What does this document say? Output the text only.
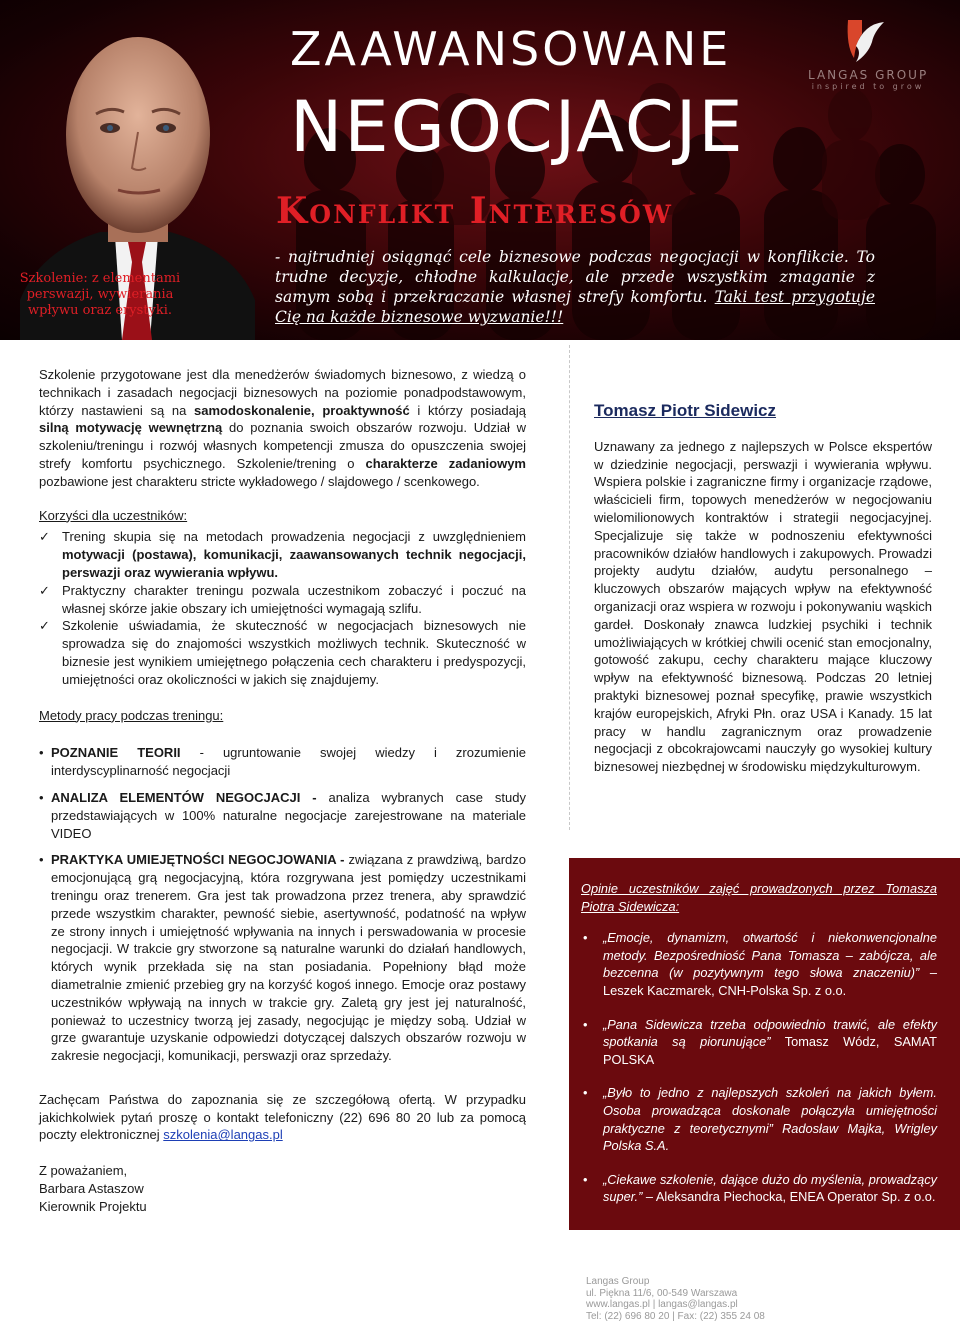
ZAAWANSOWANE
NEGOCJACJE
Konflikt Interesów

- najtrudniej osiągnąć cele biznesowe podczas negocjacji w konflikcie. To trudne decyzje, chłodne kalkulacje, ale przede wszystkim zmaganie z samym sobą i przekraczanie własnej strefy komfortu. Taki test przygotuje Cię na każde biznesowe wyzwanie!!!

Szkolenie: z elementami perswazji, wywierania wpływu oraz erystyki.

LANGAS GROUP
inspired to grow

Szkolenie przygotowane jest dla menedżerów świadomych biznesowo, z wiedzą o technikach i zasadach negocjacji biznesowych na poziomie ponadpodstawowym, którzy nastawieni są na samodoskonalenie, proaktywność i którzy posiadają silną motywację wewnętrzną do poznania swoich obszarów rozwoju. Udział w szkoleniu/treningu i rozwój własnych kompetencji zmusza do opuszczenia swojej strefy komfortu psychicznego. Szkolenie/trening o charakterze zadaniowym pozbawione jest charakteru stricte wykładowego / slajdowego / scenkowego.

Korzyści dla uczestników:

✓ Trening skupia się na metodach prowadzenia negocjacji z uwzględnieniem motywacji (postawa), komunikacji, zaawansowanych technik negocjacji, perswazji oraz wywierania wpływu.
✓ Praktyczny charakter treningu pozwala uczestnikom zobaczyć i poczuć na własnej skórze jakie obszary ich umiejętności wymagają szlifu.
✓ Szkolenie uświadamia, że skuteczność w negocjacjach biznesowych nie sprowadza się do znajomości wszystkich możliwych technik. Skuteczność w biznesie jest wynikiem umiejętnego połączenia cech charakteru i predyspozycji, umiejętności oraz okoliczności w jakich się znajdujemy.

Metody pracy podczas treningu:

• POZNANIE TEORII - ugruntowanie swojej wiedzy i zrozumienie interdyscyplinarność negocjacji
• ANALIZA ELEMENTÓW NEGOCJACJI - analiza wybranych case study przedstawiających w 100% naturalne negocjacje zarejestrowane na materiale VIDEO
• PRAKTYKA UMIEJĘTNOŚCI NEGOCJOWANIA - związana z prawdziwą, bardzo emocjonującą grą negocjacyjną, która rozgrywana jest pomiędzy uczestnikami treningu oraz trenerem. Gra jest tak prowadzona przez trenera, aby sprawdzić przede wszystkim charakter, pewność siebie, asertywność, podatność na wpływ ze strony innych i umiejętność wpływania na innych i perswadowania w procesie negocjacji. W trakcie gry stworzone są naturalne warunki do działań handlowych, których wynik przekłada się na stan posiadania. Popełniony błąd może diametralnie zmienić przebieg gry na korzyść kogoś innego. Emocje oraz postawy uczestników wpływają na innych w trakcie gry. Zaletą gry jest jej naturalność, ponieważ to uczestnicy tworzą jej zasady, negocjując je między sobą. Udział w grze gwarantuje uzyskanie odpowiedzi dotyczącej dalszych obszarów rozwoju w zakresie negocjacji, komunikacji, perswazji oraz sprzedaży.

Zachęcam Państwa do zapoznania się ze szczegółową ofertą. W przypadku jakichkolwiek pytań proszę o kontakt telefoniczny (22) 696 80 20 lub za pomocą poczty elektronicznej szkolenia@langas.pl

Z poważaniem,
Barbara Astaszow
Kierownik Projektu

Tomasz Piotr Sidewicz

Uznawany za jednego z najlepszych w Polsce ekspertów w dziedzinie negocjacji, perswazji i wywierania wpływu. Wspiera polskie i zagraniczne firmy i organizacje rządowe, właścicieli firm, topowych menedżerów w negocjowaniu wielomilionowych kontraktów i strategii negocjacyjnej. Specjalizuje się także w podnoszeniu efektywności pracowników działów handlowych i zakupowych. Prowadzi projekty audytu działów, audytu personalnego – kluczowych obszarów mających wpływ na efektywność organizacji oraz wspiera w rozwoju i pokonywaniu wąskich gardeł. Doskonały znawca ludzkiej psychiki i technik umożliwiających w krótkiej chwili ocenić stan emocjonalny, gotowość zakupu, cechy charakteru mające kluczowy wpływ na efektywność biznesową. Podczas 20 letniej praktyki biznesowej poznał specyfikę, prawie wszystkich krajów europejskich, Afryki Płn. oraz USA i Kanady. 15 lat pracy w handlu zagranicznym oraz prowadzenie negocjacji z obcokrajowcami nauczyły go wysokiej kultury biznesowej niezbędnej w środowisku międzykulturowym.

Opinie uczestników zajęć prowadzonych przez Tomasza Piotra Sidewicza:

• „Emocje, dynamizm, otwartość i niekonwencjonalne metody. Bezpośredniość Pana Tomasza – zabójcza, ale bezcenna (w pozytywnym tego słowa znaczeniu)” – Leszek Kaczmarek, CNH-Polska Sp. z o.o.
• „Pana Sidewicza trzeba odpowiednio trawić, ale efekty spotkania są piorunujące” Tomasz Wódz, SAMAT POLSKA
• „Było to jedno z najlepszych szkoleń na jakich byłem. Osoba prowadząca doskonale połączyła umiejętności praktyczne z teoretycznymi” Radosław Majka, Wrigley Polska S.A.
• „Ciekawe szkolenie, dające dużo do myślenia, prowadzący super.” – Aleksandra Piechocka, ENEA Operator Sp. z o.o.
Langas Group
ul. Piękna 11/6, 00-549 Warszawa
www.langas.pl | langas@langas.pl
Tel: (22) 696 80 20 | Fax: (22) 355 24 08
